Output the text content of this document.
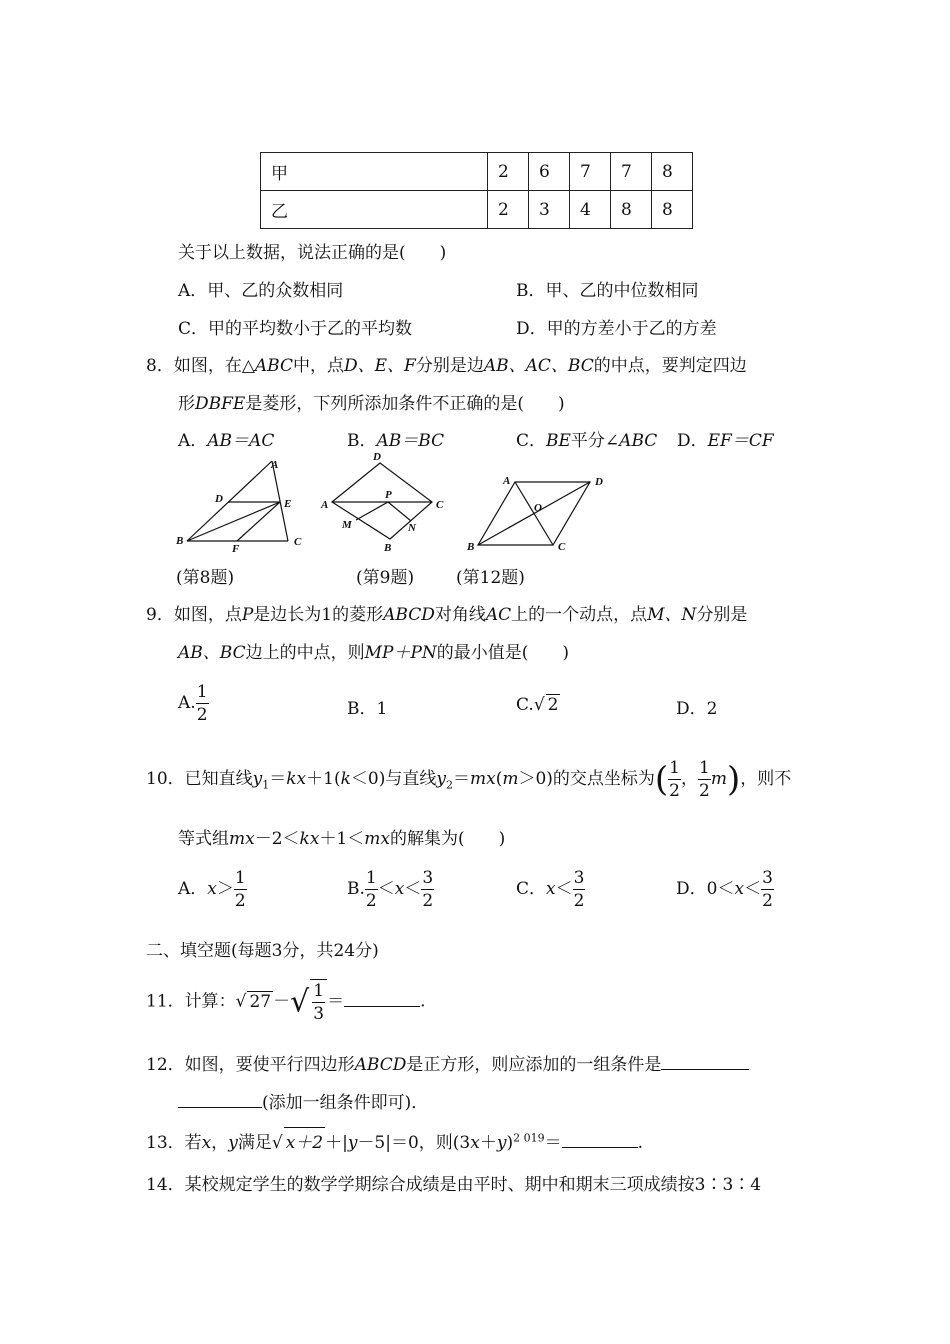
甲	2	6	7	7	8
乙	2	3	4	8	8
关于以上数据，说法正确的是(　　)
A．甲、乙的众数相同	B．甲、乙的中位数相同
C．甲的平均数小于乙的平均数	D．甲的方差小于乙的方差
8．如图，在△ABC中，点D、E、F分别是边AB、AC、BC的中点，要判定四边
形DBFE是菱形，下列所添加条件不正确的是(　　)
A．AB＝AC	B．AB＝BC	C．BE平分∠ABC D．EF＝CF
A
D	E
B
F
C
D
A
P
C
M	N
B
A	D
O
B	C
(第8题)	(第9题) (第12题)
9．如图，点P是边长为1的菱形ABCD对角线AC上的一个动点，点M、N分别是
AB、BC边上的中点，则MP＋PN的最小值是(　　)
A. $\frac{1}{2}$	B．1	C.√ 2	D．2
10．已知直线$y_1=kx+1(k<0)$与直线$y_2=mx(m>0)$的交点坐标为( $\frac{1}{2}$ ， $\frac{1}{2} m$)，则不
等式组mx－2＜kx＋1＜mx的解集为(　　)
A．$x> \frac{1}{2}$	B. $\frac{1}{2} <x< \frac{3}{2}$	C．$x< \frac{3}{2}$	D．$0<x< \frac{3}{2}$
二、填空题(每题3分，共24分)
11．计算：√ 27 －√ $\frac{1}{3}$ ＝	.
12．如图，要使平行四边形ABCD是正方形，则应添加的一组条件是
(添加一组条件即可)．
13．若x，y满足√ x＋2 ＋|y－5|＝0，则$(3x+y)^{2 019}=$	.
14．某校规定学生的数学学期综合成绩是由平时、期中和期末三项成绩按3∶3∶4
